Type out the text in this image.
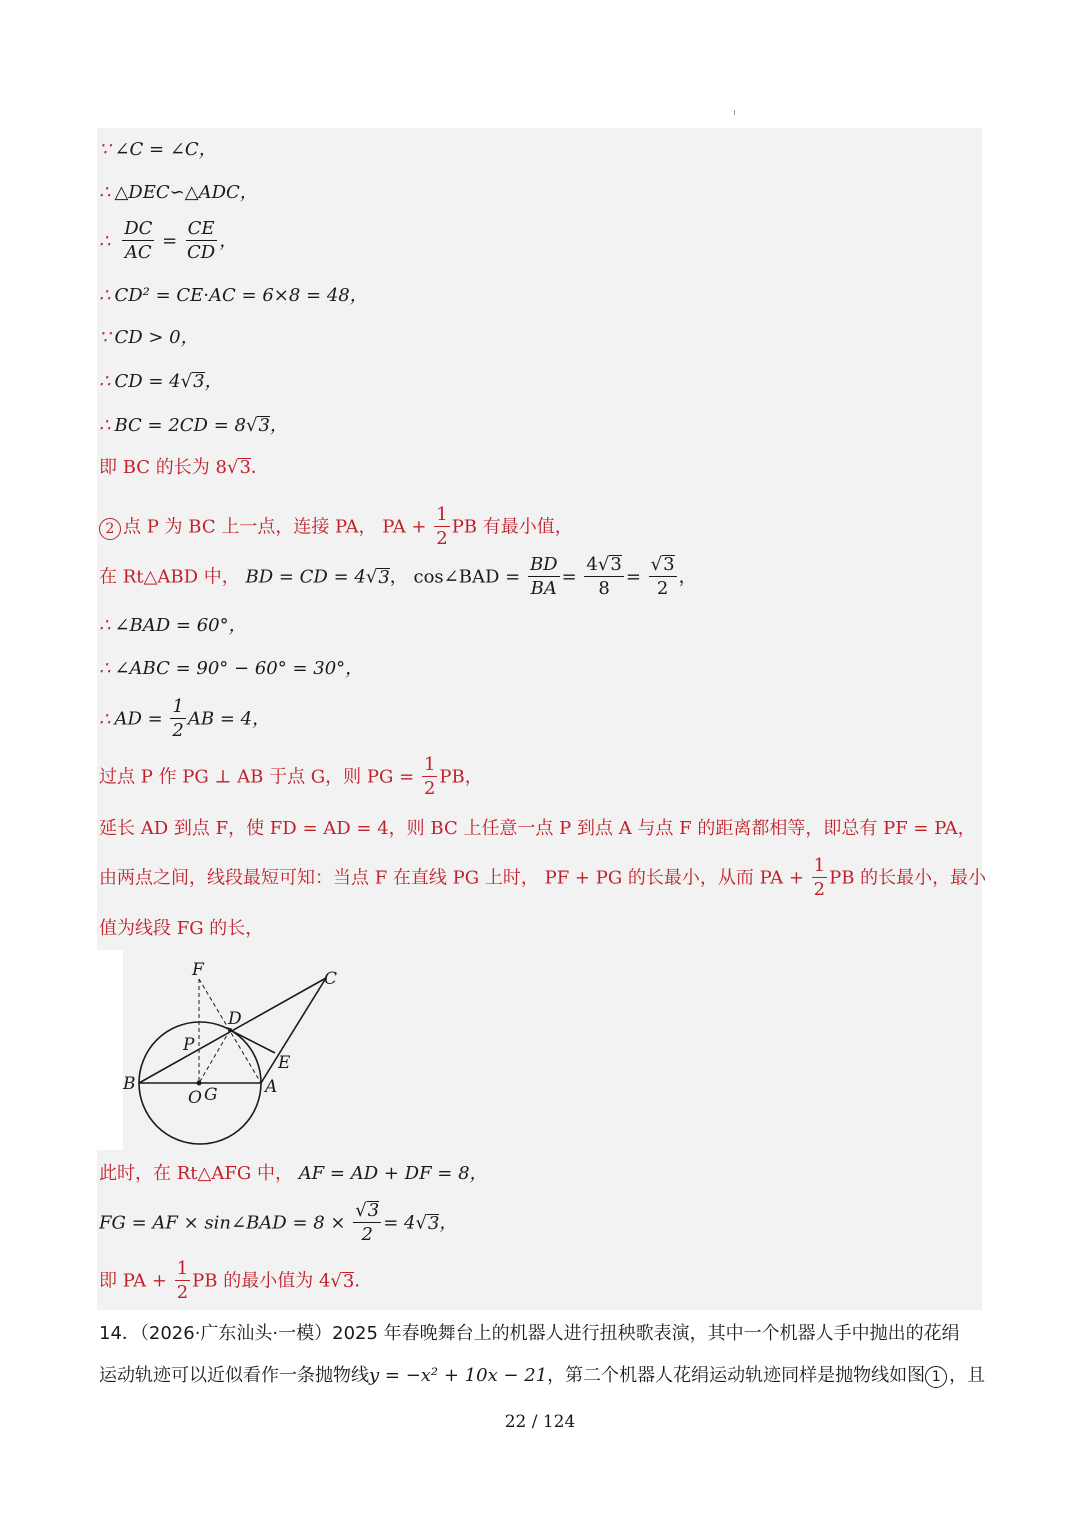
∵ ∠C = ∠C，
∴ △DEC∽△ADC，
∴ $\frac{DC}{AC} = \frac{CE}{CD}$ ，
∴ CD² = CE·AC = 6×8 = 48，
∵ CD > 0，
∴ CD = 4√3，
∴ BC = 2CD = 8√3，
即 BC 的长为 8√3．
2 点 P 为 BC 上一点，连接 PA， PA + $\frac{1}{2}$ PB 有最小值，
在 Rt△ABD 中， BD = CD = 4√3， cos∠BAD = $\frac{BD}{BA} = \frac{4√3}{8} = \frac{√3}{2}$ ，
∴ ∠BAD = 60°，
∴ ∠ABC = 90° − 60° = 30°，
∴ AD = $\frac{1}{2}$ AB = 4，
过点 P 作 PG ⊥ AB 于点 G，则 PG = $\frac{1}{2}$ PB，
延长 AD 到点 F，使 FD = AD = 4，则 BC 上任意一点 P 到点 A 与点 F 的距离都相等，即总有 PF = PA，
由两点之间，线段最短可知：当点 F 在直线 PG 上时， PF + PG 的长最小，从而 PA + $\frac{1}{2}$ PB 的长最小，最小
值为线段 FG 的长，
F	C
D
P
E
B	A
O G
此时，在 Rt△AFG 中， AF = AD + DF = 8，
FG = AF × sin∠BAD = $8 \times \frac{√3}{2} = 4√3$，
即 PA + $\frac{1}{2}$ PB 的最小值为 4√3．
14．（2026·广东汕头·一模）2025 年春晚舞台上的机器人进行扭秧歌表演，其中一个机器人手中抛出的花绢
运动轨迹可以近似看作一条抛物线y = −x² + 10x − 21，第二个机器人花绢运动轨迹同样是抛物线如图 1 ，且
22 / 124
